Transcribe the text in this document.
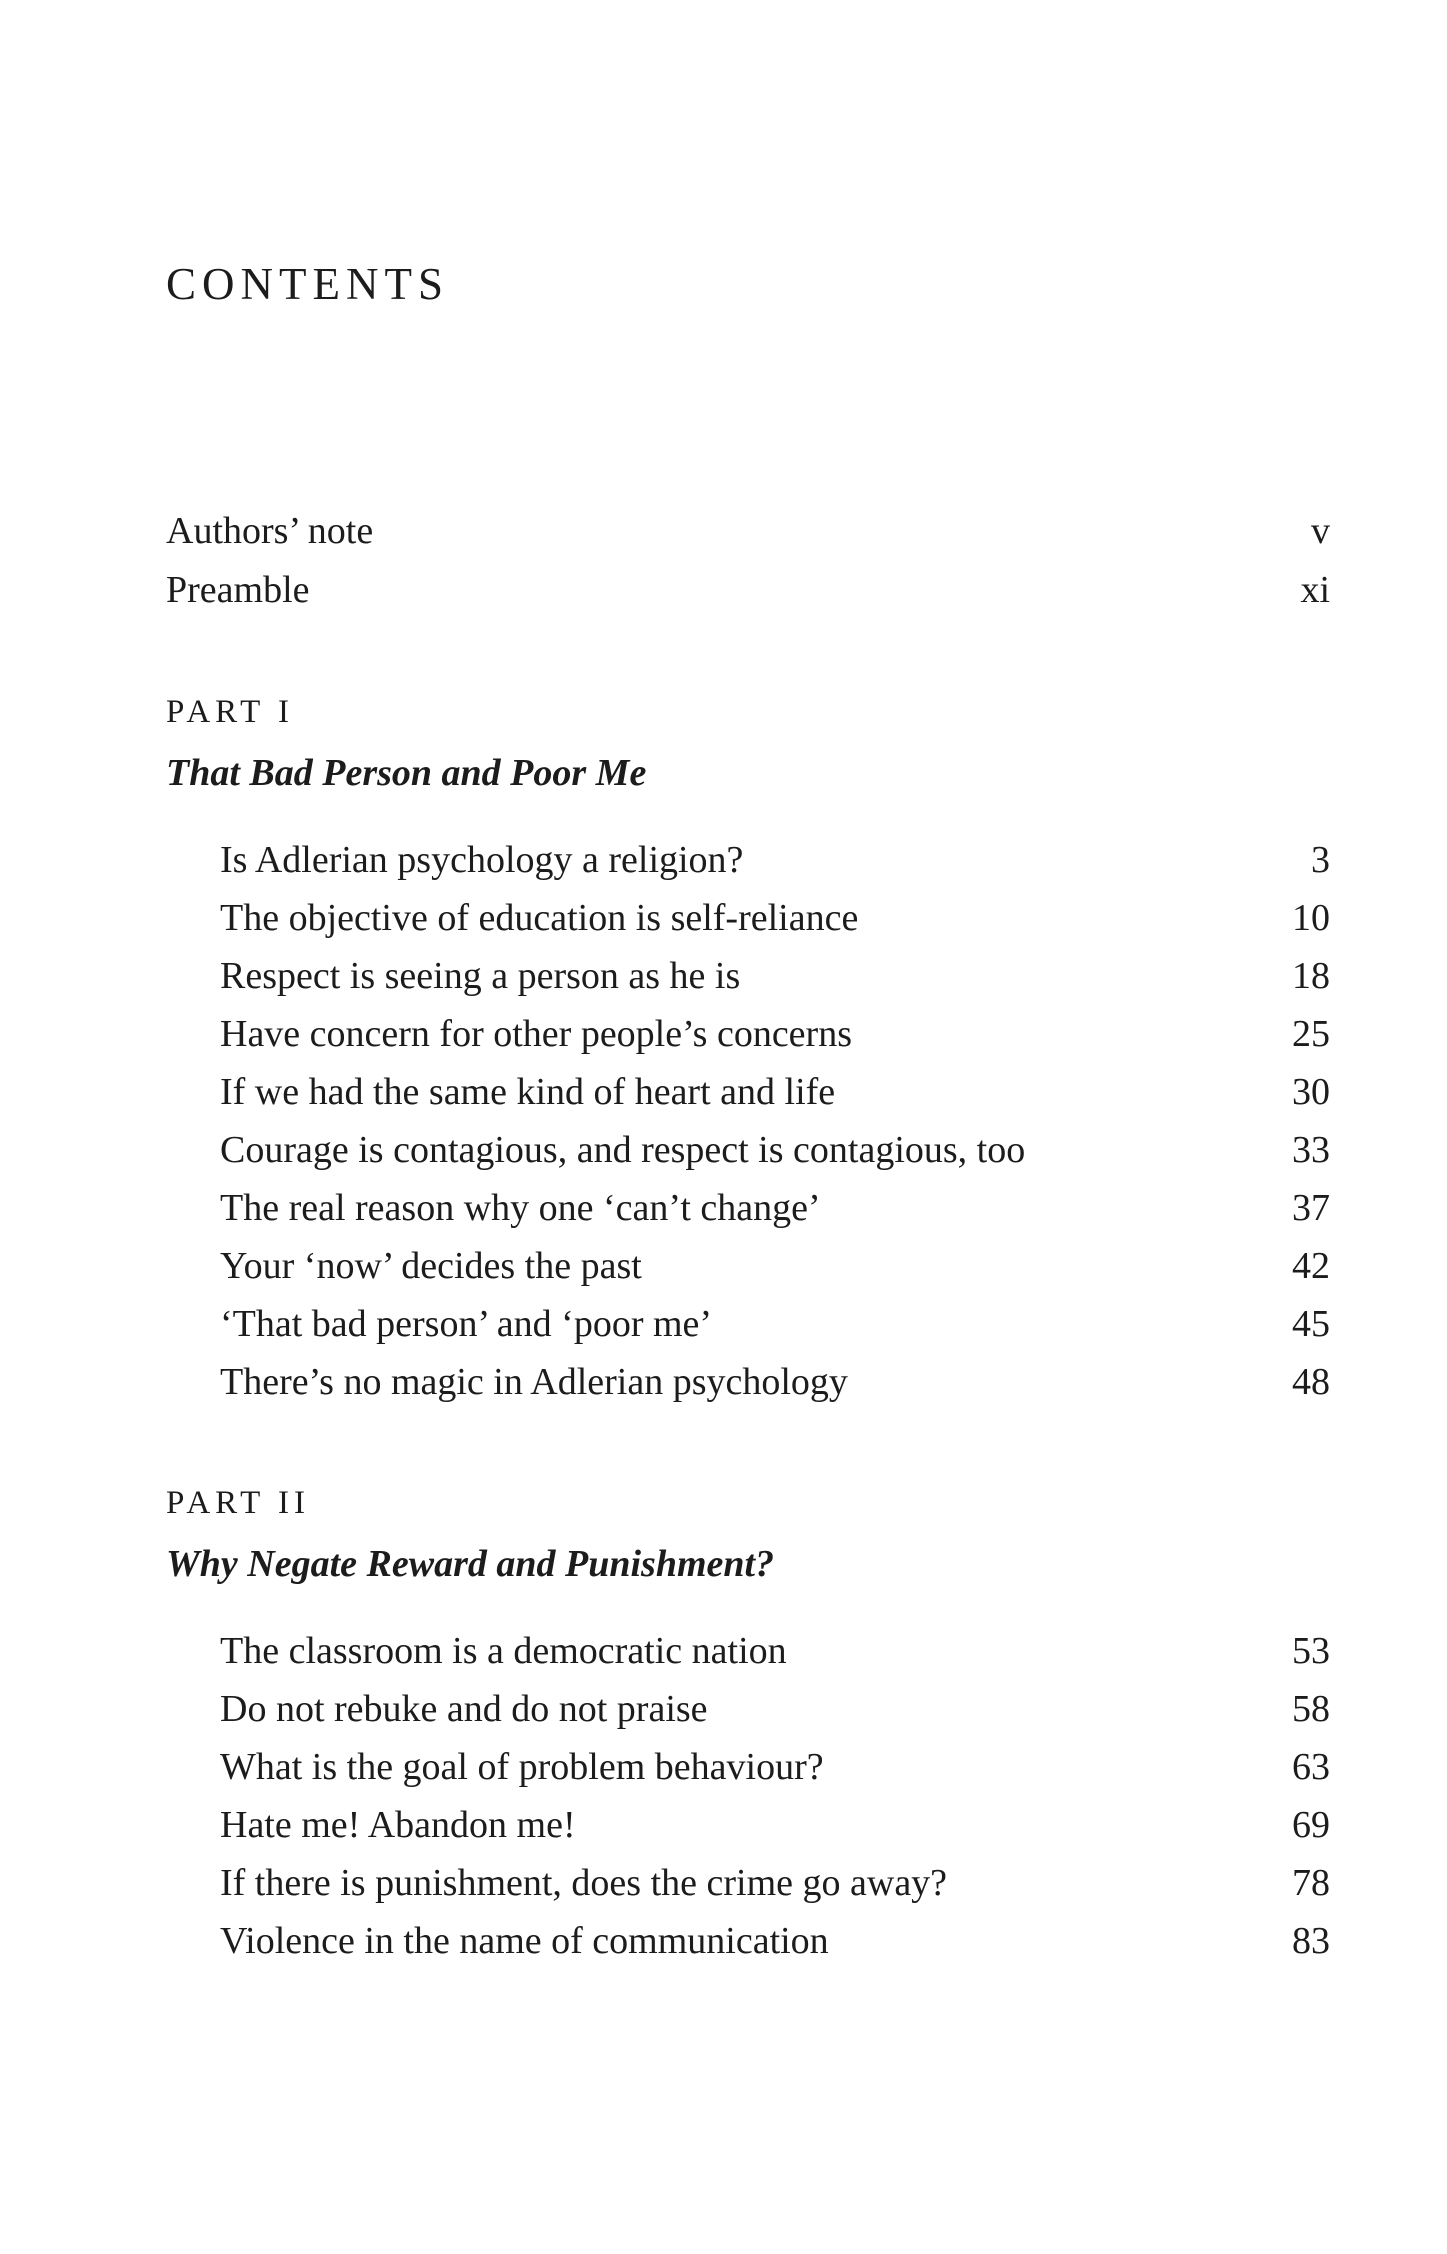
CONTENTS
Authors’ note	v
Preamble	xi
PART I
That Bad Person and Poor Me
Is Adlerian psychology a religion?	3
The objective of education is self-reliance	10
Respect is seeing a person as he is	18
Have concern for other people’s concerns	25
If we had the same kind of heart and life	30
Courage is contagious, and respect is contagious, too	33
The real reason why one ‘can’t change’	37
Your ‘now’ decides the past	42
‘That bad person’ and ‘poor me’	45
There’s no magic in Adlerian psychology	48
PART II
Why Negate Reward and Punishment?
The classroom is a democratic nation	53
Do not rebuke and do not praise	58
What is the goal of problem behaviour?	63
Hate me! Abandon me!	69
If there is punishment, does the crime go away?	78
Violence in the name of communication	83
